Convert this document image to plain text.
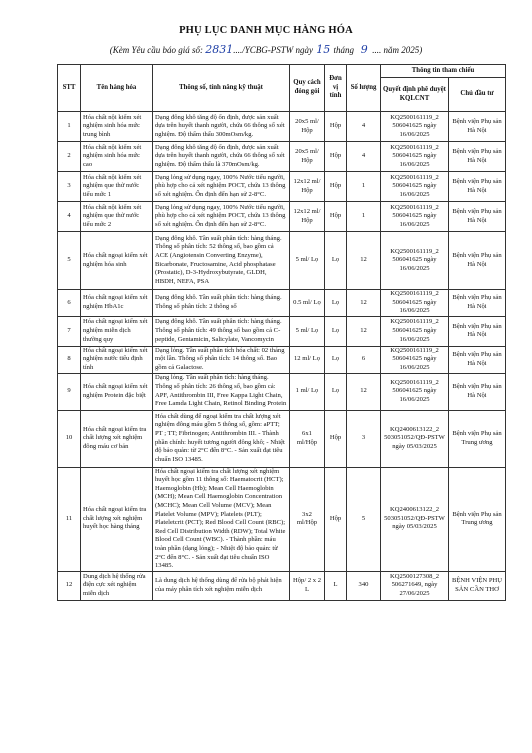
PHỤ LỤC DANH MỤC HÀNG HÓA
(Kèm Yêu cầu báo giá số: 2831..../YCBG-PSTW ngày 15 tháng 9 .... năm 2025)
STT	Tên hàng hóa	Thông số, tính năng kỹ thuật	Quy cách đóng gói	Đơn vị tính	Số lượng	Thông tin tham chiếu	
						Quyết định phê duyệt KQLCNT	Chủ đầu tư
1	Hóa chất nội kiểm xét nghiệm sinh hóa mức trung bình	Dạng đông khô tăng độ ổn định, được sản xuất dựa trên huyết thanh người, chứa 66 thông số xét nghiệm. Độ thẩm thấu 300mOsm/kg.	20x5 ml/ Hộp	Hộp	4	KQ2500161119_2 506041625 ngày 16/06/2025	Bệnh viện Phụ sản Hà Nội
2	Hóa chất nội kiểm xét nghiệm sinh hóa mức cao	Dạng đông khô tăng độ ổn định, được sản xuất dựa trên huyết thanh người, chứa 66 thông số xét nghiệm. Độ thẩm thấu là 370mOsm/kg.	20x5 ml/ Hộp	Hộp	4	KQ2500161119_2 506041625 ngày 16/06/2025	Bệnh viện Phụ sản Hà Nội
3	Hóa chất nội kiểm xét nghiệm que thử nước tiểu mức 1	Dạng lỏng sử dụng ngay, 100% Nước tiểu người, phù hợp cho cả xét nghiệm POCT, chứa 13 thông số xét nghiệm. Ổn định đến hạn sử 2-8°C.	12x12 ml/ Hộp	Hộp	1	KQ2500161119_2 506041625 ngày 16/06/2025	Bệnh viện Phụ sản Hà Nội
4	Hóa chất nội kiểm xét nghiệm que thử nước tiểu mức 2	Dạng lỏng sử dụng ngay, 100% Nước tiểu người, phù hợp cho cả xét nghiệm POCT, chứa 13 thông số xét nghiệm. Ổn định đến hạn sử 2-8°C.	12x12 ml/ Hộp	Hộp	1	KQ2500161119_2 506041625 ngày 16/06/2025	Bệnh viện Phụ sản Hà Nội
5	Hóa chất ngoại kiểm xét nghiệm hóa sinh	Dạng đông khô. Tần suất phân tích: hàng tháng. Thông số phân tích: 52 thông số, bao gồm cả ACE (Angiotensin Converting Enzyme), Bicarbonate, Fructosamine, Acid phosphatase (Prostatic), D-3-Hydroxybutyrate, GLDH, HBDH, NEFA, PSA	5 ml/ Lọ	Lọ	12	KQ2500161119_2 506041625 ngày 16/06/2025	Bệnh viện Phụ sản Hà Nội
6	Hóa chất ngoại kiểm xét nghiệm HbA1c	Dạng đông khô. Tần suất phân tích: hàng tháng. Thông số phân tích: 2 thông số	0.5 ml/ Lọ	Lọ	12	KQ2500161119_2 506041625 ngày 16/06/2025	Bệnh viện Phụ sản Hà Nội
7	Hóa chất ngoại kiểm xét nghiệm miễn dịch thường quy	Dạng đông khô. Tần suất phân tích: hàng tháng. Thông số phân tích: 49 thông số bao gồm cả C- peptide, Gentamicin, Salicylate, Vancomycin	5 ml/ Lọ	Lọ	12	KQ2500161119_2 506041625 ngày 16/06/2025	Bệnh viện Phụ sản Hà Nội
8	Hóa chất ngoại kiểm xét nghiệm nước tiểu định tính	Dạng lỏng. Tần suất phân tích hóa chất: 02 tháng một lần. Thông số phân tích: 14 thông số. Bao gồm cả Galactose.	12 ml/ Lọ	Lọ	6	KQ2500161119_2 506041625 ngày 16/06/2025	Bệnh viện Phụ sản Hà Nội
9	Hóa chất ngoại kiểm xét nghiệm Protein đặc biệt	Dạng lỏng. Tần suất phân tích: hàng tháng. Thông số phân tích: 26 thông số, bao gồm cả: APF, Antithrombin III, Free Kappa Light Chain, Free Lamda Light Chain, Retinol Binding Protein	1 ml/ Lọ	Lọ	12	KQ2500161119_2 506041625 ngày 16/06/2025	Bệnh viện Phụ sản Hà Nội
10	Hóa chất ngoại kiểm tra chất lượng xét nghiệm đông máu cơ bản	Hóa chất dùng để ngoại kiểm tra chất lượng xét nghiệm đông máu gồm 5 thông số, gồm: aPTT; PT ; TT; Fibrinogen; Antithrombin III. - Thành phần chính: huyết tương người đông khô; - Nhiệt độ bảo quản: từ 2°C đến 8°C. - Sản xuất đạt tiêu chuẩn ISO 13485.	6x1 ml/Hộp	Hộp	3	KQ2400613122_2 503051052/QĐ-PSTW ngày 05/03/2025	Bệnh viện Phụ sản Trung ương
11	Hóa chất ngoại kiểm tra chất lượng xét nghiệm huyết học hàng tháng	Hóa chất ngoại kiểm tra chất lượng xét nghiệm huyết học gồm 11 thông số: Haematocrit (HCT); Haemoglobin (Hb); Mean Cell Haemoglobin (MCH); Mean Cell Haemoglobin Concentration (MCHC); Mean Cell Volume (MCV); Mean Platelet Volume (MPV); Platelets (PLT); Plateletcrit (PCT); Red Blood Cell Count (RBC); Red Cell Distribution Width (RDW); Total White Blood Cell Count (WBC). - Thành phần: máu toàn phần (dạng lỏng); - Nhiệt độ bảo quản: từ 2°C đến 8°C. - Sản xuất đạt tiêu chuẩn ISO 13485.	3x2 ml/Hộp	Hộp	5	KQ2400613122_2 503051052/QĐ-PSTW ngày 05/03/2025	Bệnh viện Phụ sản Trung ương
12	Dung dịch hệ thống rửa điện cực xét nghiệm miễn dịch	Là dung dịch hệ thống dùng để rửa bộ phát hiện của máy phân tích xét nghiệm miễn dịch	Hộp/ 2 x 2 L	L	340	KQ2500127308_2 506271649, ngày 27/06/2025	BỆNH VIỆN PHỤ SẢN CẦN THƠ
